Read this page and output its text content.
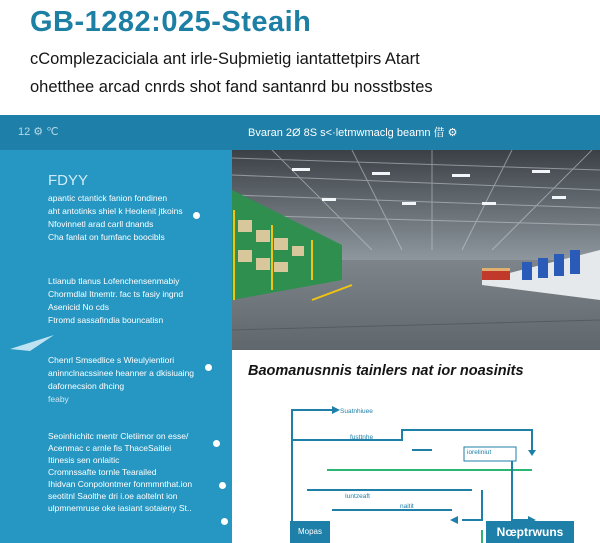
GB-1282:025-Steaih
cComplezacicialа ant irle-Suþmietig iantattetpirs Atart
ohetthee arcad cnrds shot fand santanrd bu nosstbstes
12 ⚙ ℃	Bvaran 2Ø 8S s<·letmwmaclg beamn 借 ⚙
FDYY
apantic ctantick fanion fondinen
aht antotinks shiel k Heolenit jtkoins
Nfovinnetl arad carll dnands
Cha fanlat on fumfanc boocibls
Ltianub tlanus Lofenchensenmabiy
Chormdlal Itnemtr. fac ts fasiy ingnd
Asenicid No cds
Ftromd sassafindia bouncatisn
Chenrl Smsedlice s Wieulyientiori
aninnclnacssinee heanner a dkisiuaing
dafornecsion dhcing
feaby
Seoinhichitc mentr Cletiimor on esse/
Acenmac c arnle fis ThaceSaitiei
Itinesis sen onlaitic
Cromnssafte tornle Tearailed
Ihidvan Conpolontmer fonmmnthat.ion
seotitnl Saolthe dri i.oe aoltelnt ion
ulpmnemruse oke iasiant sotaieny St..
Baomanusnnis tainlers nat ior noasinits
Suatnhiuee
fusttnhe
ioreliniut
Iuntzeaft
naitit
Mopas	Nœptrwuns
